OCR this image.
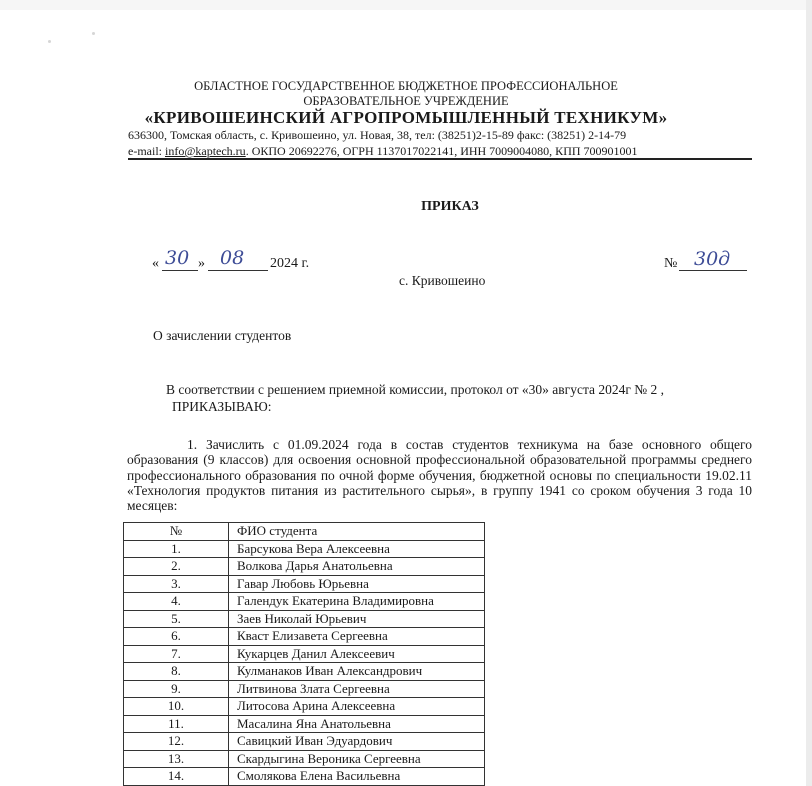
ОБЛАСТНОЕ ГОСУДАРСТВЕННОЕ БЮДЖЕТНОЕ ПРОФЕССИОНАЛЬНОЕ
ОБРАЗОВАТЕЛЬНОЕ УЧРЕЖДЕНИЕ
«КРИВОШЕИНСКИЙ АГРОПРОМЫШЛЕННЫЙ ТЕХНИКУМ»
636300, Томская область, с. Кривошеино, ул. Новая, 38, тел: (38251)2-15-89 факс: (38251) 2-14-79
e-mail: info@kaptech.ru. ОКПО 20692276, ОГРН 1137017022141, ИНН 7009004080, КПП 700901001
ПРИКАЗ
« 30 » 08 2024 г.	№ 30д
с. Кривошеино
О зачислении студентов
В соответствии с решением приемной комиссии, протокол от «30» августа 2024г № 2 ,
ПРИКАЗЫВАЮ:
1. Зачислить с 01.09.2024 года в состав студентов техникума на базе основного общего образования (9 классов) для освоения основной профессиональной образовательной программы среднего профессионального образования по очной форме обучения, бюджетной основы по специальности 19.02.11 «Технология продуктов питания из растительного сырья», в группу 1941 со сроком обучения 3 года 10 месяцев:
№	ФИО студента
1.	Барсукова Вера Алексеевна
2.	Волкова Дарья Анатольевна
3.	Гавар Любовь Юрьевна
4.	Галендук Екатерина Владимировна
5.	Заев Николай Юрьевич
6.	Кваст Елизавета Сергеевна
7.	Кукарцев Данил Алексеевич
8.	Кулманаков Иван Александрович
9.	Литвинова Злата Сергеевна
10.	Литосова Арина Алексеевна
11.	Масалина Яна Анатольевна
12.	Савицкий Иван Эдуардович
13.	Скардыгина Вероника Сергеевна
14.	Смолякова Елена Васильевна
